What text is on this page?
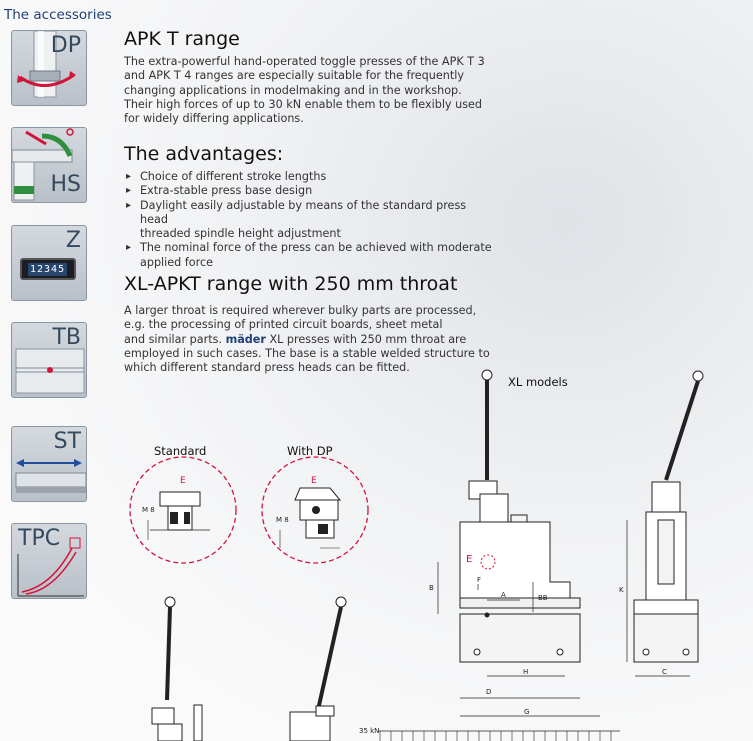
The accessories
DP
HS
Z
12345
TB
ST
TPC
APK T range
The extra-powerful hand-operated toggle presses of the APK T 3
and APK T 4 ranges are especially suitable for the frequently
changing applications in modelmaking and in the workshop.
Their high forces of up to 30 kN enable them to be flexibly used
for widely differing applications.
The advantages:
▸ Choice of different stroke lengths
▸ Extra-stable press base design
▸ Daylight easily adjustable by means of the standard press head
threaded spindle height adjustment
▸ The nominal force of the press can be achieved with moderate
applied force
XL-APKT range with 250 mm throat
A larger throat is required wherever bulky parts are processed,
e.g. the processing of printed circuit boards, sheet metal
and similar parts. mäder XL presses with 250 mm throat are
employed in such cases. The base is a stable welded structure to
which different standard press heads can be fitted.
XL models
Standard	With DP
E
M 8
E
M 8
B
BB
K
F
A
H
D
G
C
E
35 kN
